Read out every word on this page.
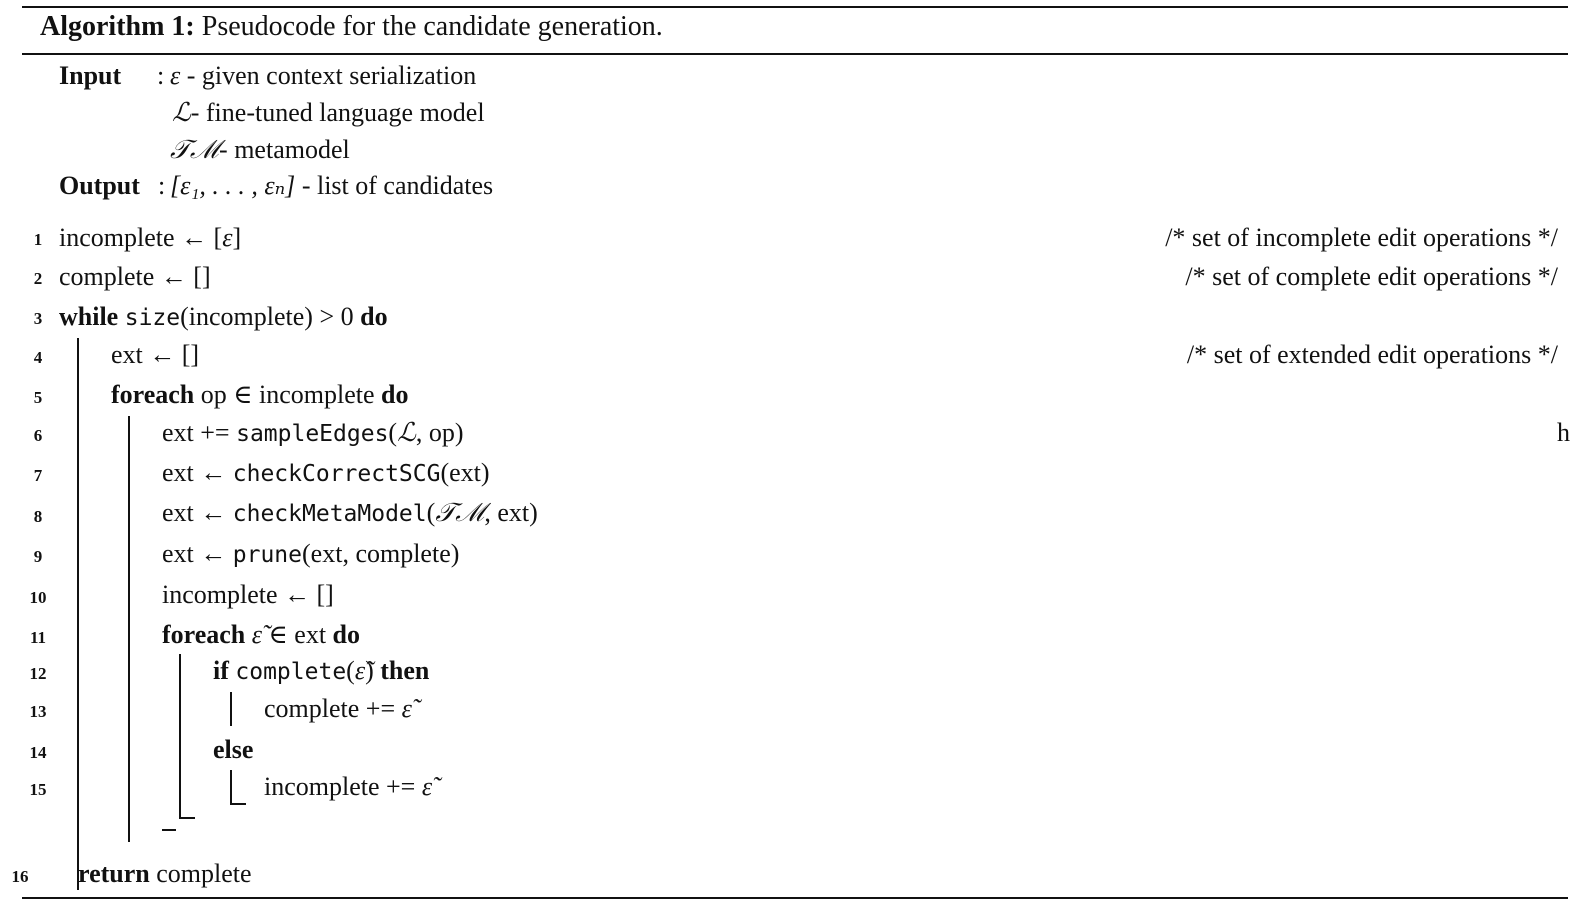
Algorithm 1: Pseudocode for the candidate generation.
Input : ε - given context serialization
ℒ- fine-tuned language model
𝒯ℳ- metamodel
Output : [ε₁, . . . , εₙ] - list of candidates
1 incomplete ← [ε]	/* set of incomplete edit operations */
2 complete ← []	/* set of complete edit operations */
3 while size(incomplete) > 0 do
4	ext ← []	/* set of extended edit operations */
5	foreach op ∈ incomplete do
6	ext += sampleEdges(ℒ, op)	h
7	ext ← checkCorrectSCG(ext)
8	ext ← checkMetaModel(𝒯ℳ, ext)
9	ext ← prune(ext, complete)
10	incomplete ← []
11	foreach ε̃ ∈ ext do
12	if complete(ε̃) then
13	complete += ε̃
14	else
15	incomplete += ε̃
16	return complete
